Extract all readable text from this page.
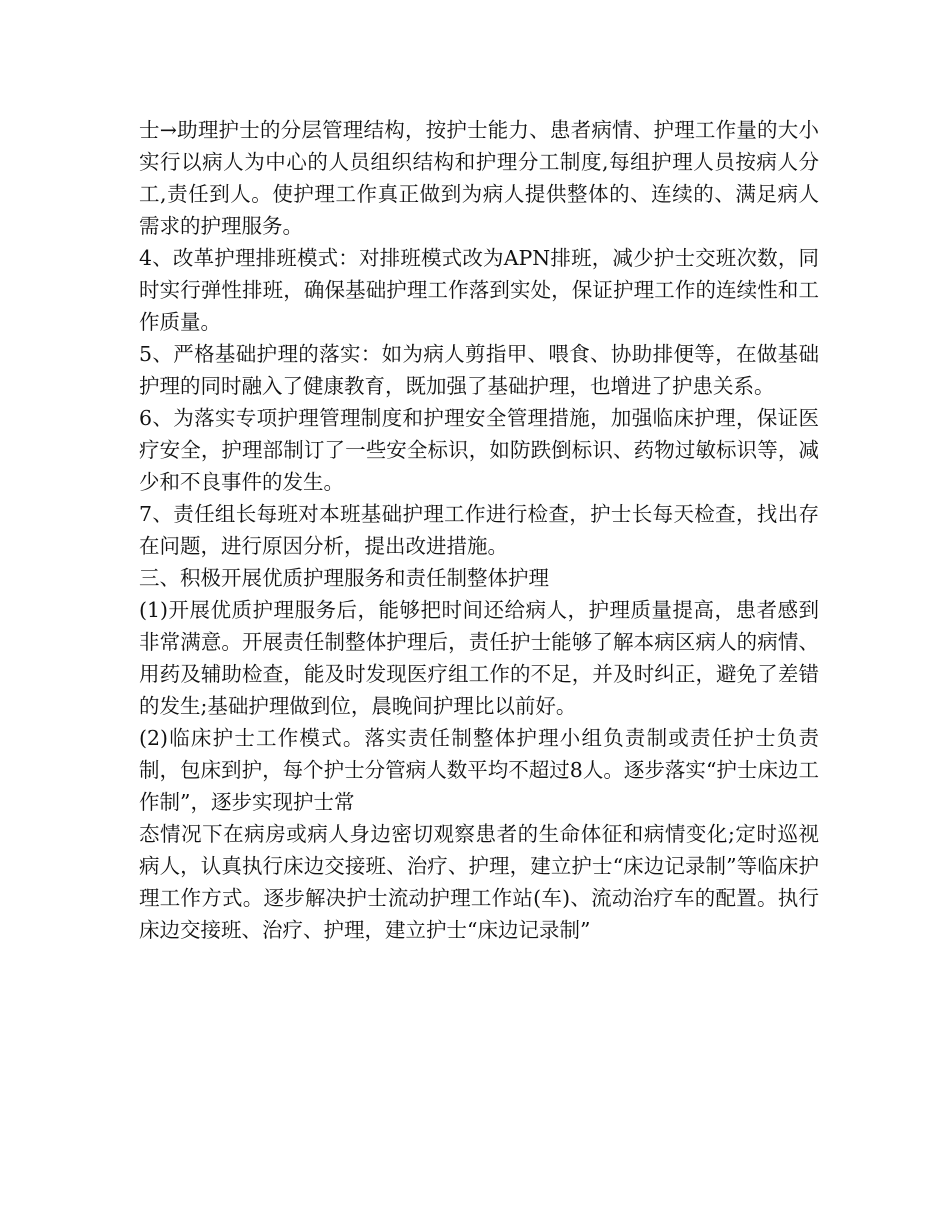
士→助理护士的分层管理结构，按护士能力、患者病情、护理工作量的大小实行以病人为中心的人员组织结构和护理分工制度,每组护理人员按病人分工,责任到人。使护理工作真正做到为病人提供整体的、连续的、满足病人需求的护理服务。

4、改革护理排班模式：对排班模式改为APN排班，减少护士交班次数，同时实行弹性排班，确保基础护理工作落到实处，保证护理工作的连续性和工作质量。

5、严格基础护理的落实：如为病人剪指甲、喂食、协助排便等，在做基础护理的同时融入了健康教育，既加强了基础护理，也增进了护患关系。

6、为落实专项护理管理制度和护理安全管理措施，加强临床护理，保证医疗安全，护理部制订了一些安全标识，如防跌倒标识、药物过敏标识等，减少和不良事件的发生。

7、责任组长每班对本班基础护理工作进行检查，护士长每天检查，找出存在问题，进行原因分析，提出改进措施。

三、积极开展优质护理服务和责任制整体护理

(1)开展优质护理服务后，能够把时间还给病人，护理质量提高，患者感到非常满意。开展责任制整体护理后，责任护士能够了解本病区病人的病情、用药及辅助检查，能及时发现医疗组工作的不足，并及时纠正，避免了差错的发生;基础护理做到位，晨晚间护理比以前好。

(2)临床护士工作模式。落实责任制整体护理小组负责制或责任护士负责制，包床到护，每个护士分管病人数平均不超过8人。逐步落实“护士床边工作制”，逐步实现护士常

态情况下在病房或病人身边密切观察患者的生命体征和病情变化;定时巡视病人，认真执行床边交接班、治疗、护理，建立护士“床边记录制”等临床护理工作方式。逐步解决护士流动护理工作站(车)、流动治疗车的配置。执行床边交接班、治疗、护理，建立护士“床边记录制”
